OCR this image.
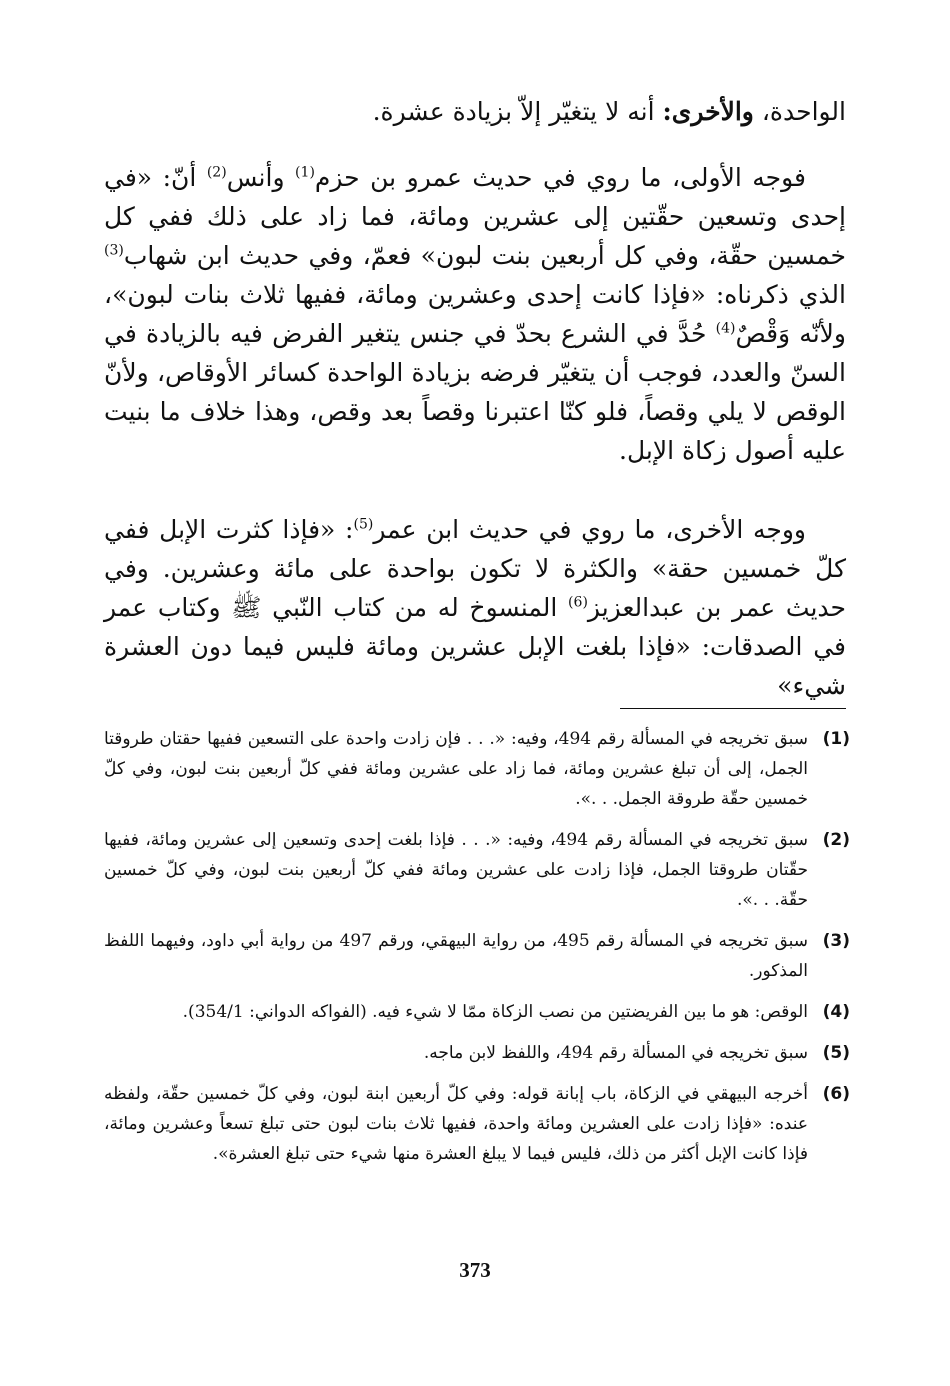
الواحدة، والأخرى: أنه لا يتغيّر إلاّ بزيادة عشرة.

فوجه الأولى، ما روي في حديث عمرو بن حزم$^{(1)}$ وأنس$^{(2)}$ أنّ: «في إحدى وتسعين حقّتين إلى عشرين ومائة، فما زاد على ذلك ففي كل خمسين حقّة، وفي كل أربعين بنت لبون» فعمّ، وفي حديث ابن شهاب$^{(3)}$ الذي ذكرناه: «فإذا كانت إحدى وعشرين ومائة، ففيها ثلاث بنات لبون»، ولأنّه وَقْصٌ$^{(4)}$ حُدَّ في الشرع بحدّ في جنس يتغير الفرض فيه بالزيادة في السنّ والعدد، فوجب أن يتغيّر فرضه بزيادة الواحدة كسائر الأوقاص، ولأنّ الوقص لا يلي وقصاً، فلو كنّا اعتبرنا وقصاً بعد وقص، وهذا خلاف ما بنيت عليه أصول زكاة الإبل.

ووجه الأخرى، ما روي في حديث ابن عمر$^{(5)}$: «فإذا كثرت الإبل ففي كلّ خمسين حقة» والكثرة لا تكون بواحدة على مائة وعشرين. وفي حديث عمر بن عبدالعزيز$^{(6)}$ المنسوخ له من كتاب النّبي ﷺ وكتاب عمر في الصدقات: «فإذا بلغت الإبل عشرين ومائة فليس فيما دون العشرة شيء»

(1)
سبق تخريجه في المسألة رقم 494، وفيه: «. . . فإن زادت واحدة على التسعين ففيها حقتان طروقتا الجمل، إلى أن تبلغ عشرين ومائة، فما زاد على عشرين ومائة ففي كلّ أربعين بنت لبون، وفي كلّ خمسين حقّة طروقة الجمل. . .».
(2)
سبق تخريجه في المسألة رقم 494، وفيه: «. . . فإذا بلغت إحدى وتسعين إلى عشرين ومائة، ففيها حقّتان طروقتا الجمل، فإذا زادت على عشرين ومائة ففي كلّ أربعين بنت لبون، وفي كلّ خمسين حقّة. . .».
(3)
سبق تخريجه في المسألة رقم 495، من رواية البيهقي، ورقم 497 من رواية أبي داود، وفيهما اللفظ المذكور.
(4)
الوقص: هو ما بين الفريضتين من نصب الزكاة ممّا لا شيء فيه. (الفواكه الدواني: 354/1).
(5)
سبق تخريجه في المسألة رقم 494، واللفظ لابن ماجه.
(6)
أخرجه البيهقي في الزكاة، باب إبانة قوله: وفي كلّ أربعين ابنة لبون، وفي كلّ خمسين حقّة، ولفظه عنده: «فإذا زادت على العشرين ومائة واحدة، ففيها ثلاث بنات لبون حتى تبلغ تسعاً وعشرين ومائة، فإذا كانت الإبل أكثر من ذلك، فليس فيما لا يبلغ العشرة منها شيء حتى تبلغ العشرة».
373
